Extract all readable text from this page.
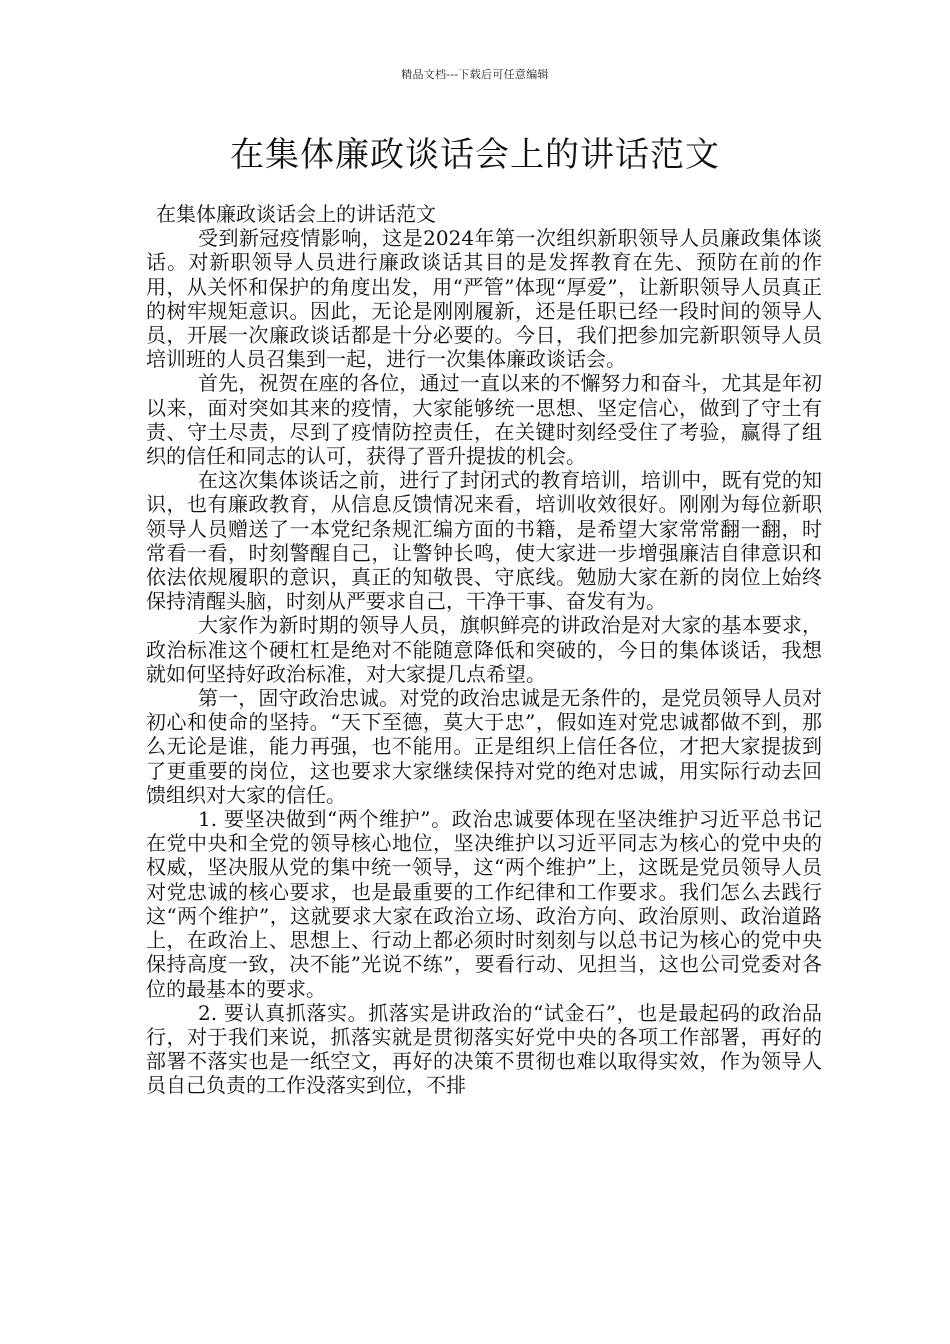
精品文档---下载后可任意编辑
在集体廉政谈话会上的讲话范文

在集体廉政谈话会上的讲话范文

受到新冠疫情影响，这是2024年第一次组织新职领导人员廉政集体谈话。对新职领导人员进行廉政谈话其目的是发挥教育在先、预防在前的作用，从关怀和保护的角度出发，用“严管”体现“厚爱”，让新职领导人员真正的树牢规矩意识。因此，无论是刚刚履新，还是任职已经一段时间的领导人员，开展一次廉政谈话都是十分必要的。今日，我们把参加完新职领导人员培训班的人员召集到一起，进行一次集体廉政谈话会。

首先，祝贺在座的各位，通过一直以来的不懈努力和奋斗，尤其是年初以来，面对突如其来的疫情，大家能够统一思想、坚定信心，做到了守土有责、守土尽责，尽到了疫情防控责任，在关键时刻经受住了考验，赢得了组织的信任和同志的认可，获得了晋升提拔的机会。

在这次集体谈话之前，进行了封闭式的教育培训，培训中，既有党的知识，也有廉政教育，从信息反馈情况来看，培训收效很好。刚刚为每位新职领导人员赠送了一本党纪条规汇编方面的书籍，是希望大家常常翻一翻，时常看一看，时刻警醒自己，让警钟长鸣，使大家进一步增强廉洁自律意识和依法依规履职的意识，真正的知敬畏、守底线。勉励大家在新的岗位上始终保持清醒头脑，时刻从严要求自己，干净干事、奋发有为。

大家作为新时期的领导人员，旗帜鲜亮的讲政治是对大家的基本要求，政治标准这个硬杠杠是绝对不能随意降低和突破的，今日的集体谈话，我想就如何坚持好政治标准，对大家提几点希望。

第一，固守政治忠诚。对党的政治忠诚是无条件的，是党员领导人员对初心和使命的坚持。“天下至德，莫大于忠”，假如连对党忠诚都做不到，那么无论是谁，能力再强，也不能用。正是组织上信任各位，才把大家提拔到了更重要的岗位，这也要求大家继续保持对党的绝对忠诚，用实际行动去回馈组织对大家的信任。

1. 要坚决做到“两个维护”。政治忠诚要体现在坚决维护习近平总书记在党中央和全党的领导核心地位，坚决维护以习近平同志为核心的党中央的权威，坚决服从党的集中统一领导，这“两个维护”上，这既是党员领导人员对党忠诚的核心要求，也是最重要的工作纪律和工作要求。我们怎么去践行这“两个维护”，这就要求大家在政治立场、政治方向、政治原则、政治道路上，在政治上、思想上、行动上都必须时时刻刻与以总书记为核心的党中央保持高度一致，决不能”光说不练”，要看行动、见担当，这也公司党委对各位的最基本的要求。

2. 要认真抓落实。抓落实是讲政治的“试金石”，也是最起码的政治品行，对于我们来说，抓落实就是贯彻落实好党中央的各项工作部署，再好的部署不落实也是一纸空文，再好的决策不贯彻也难以取得实效，作为领导人员自己负责的工作没落实到位，不排
